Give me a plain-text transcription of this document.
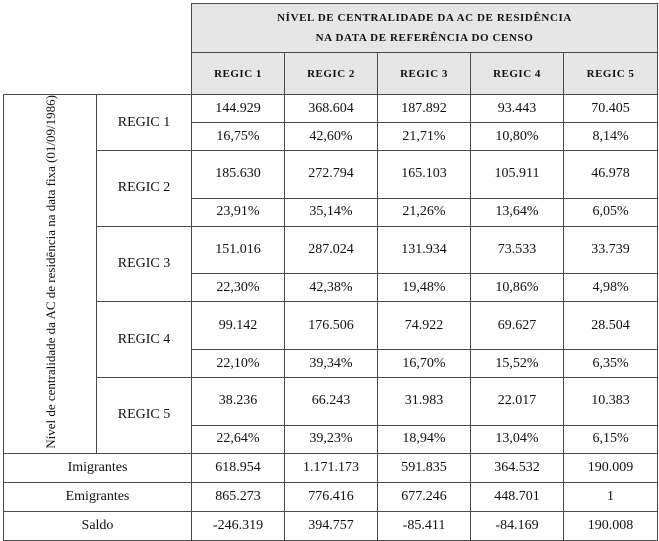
		NÍVEL DE CENTRALIDADE DA AC DE RESIDÊNCIA
NA DATA DE REFERÊNCIA DO CENSO				

		REGIC 1	REGIC 2	REGIC 3	REGIC 4	REGIC 5
Nível de centralidade da AC de residência na data fixa (01/09/1986)	REGIC 1	144.929	368.604	187.892	93.443	70.405
		16,75%	42,60%	21,71%	10,80%	8,14%
	REGIC 2	185.630	272.794	165.103	105.911	46.978
		23,91%	35,14%	21,26%	13,64%	6,05%
	REGIC 3	151.016	287.024	131.934	73.533	33.739
		22,30%	42,38%	19,48%	10,86%	4,98%
	REGIC 4	99.142	176.506	74.922	69.627	28.504
		22,10%	39,34%	16,70%	15,52%	6,35%
	REGIC 5	38.236	66.243	31.983	22.017	10.383
		22,64%	39,23%	18,94%	13,04%	6,15%
Imigrantes		618.954	1.171.173	591.835	364.532	190.009
Emigrantes		865.273	776.416	677.246	448.701	1
Saldo		-246.319	394.757	-85.411	-84.169	190.008
